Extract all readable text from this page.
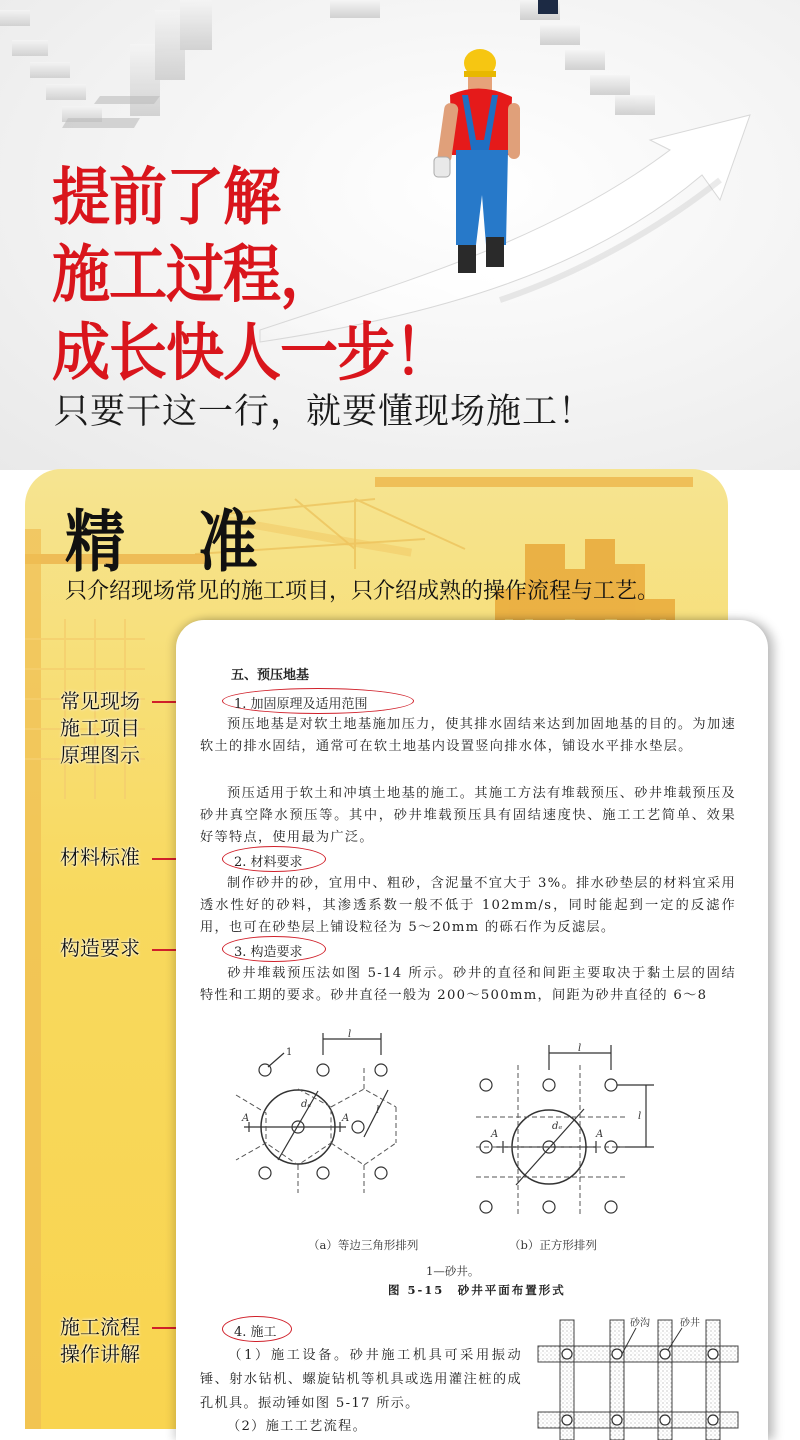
提前了解
施工过程，
成长快人一步！
只要干这一行，就要懂现场施工！
精 准
只介绍现场常见的施工项目，只介绍成熟的操作流程与工艺。
常见现场
施工项目
原理图示
材料标准
构造要求
施工流程
操作讲解
五、预压地基
1. 加固原理及适用范围
预压地基是对软土地基施加压力，使其排水固结来达到加固地基的目的。为加速软土的排水固结，通常可在软土地基内设置竖向排水体，铺设水平排水垫层。
预压适用于软土和冲填土地基的施工。其施工方法有堆载预压、砂井堆载预压及砂井真空降水预压等。其中，砂井堆载预压具有固结速度快、施工工艺简单、效果好等特点，使用最为广泛。
2. 材料要求
制作砂井的砂，宜用中、粗砂，含泥量不宜大于 3%。排水砂垫层的材料宜采用透水性好的砂料，其渗透系数一般不低于 102mm/s，同时能起到一定的反滤作用，也可在砂垫层上铺设粒径为 5～20mm 的砾石作为反滤层。
3. 构造要求
砂井堆载预压法如图 5-14 所示。砂井的直径和间距主要取决于黏土层的固结特性和工期的要求。砂井直径一般为 200～500mm，间距为砂井直径的 6～8
1
l
A	A
dₑ
l
l
l
A	A
dₑ
（a）等边三角形排列	（b）正方形排列
1—砂井。
图 5-15　砂井平面布置形式
4. 施工
（1）施工设备。砂井施工机具可采用振动锤、射水钻机、螺旋钻机等机具或选用灌注桩的成孔机具。振动锤如图 5-17 所示。
（2）施工工艺流程。
砂沟	砂井
